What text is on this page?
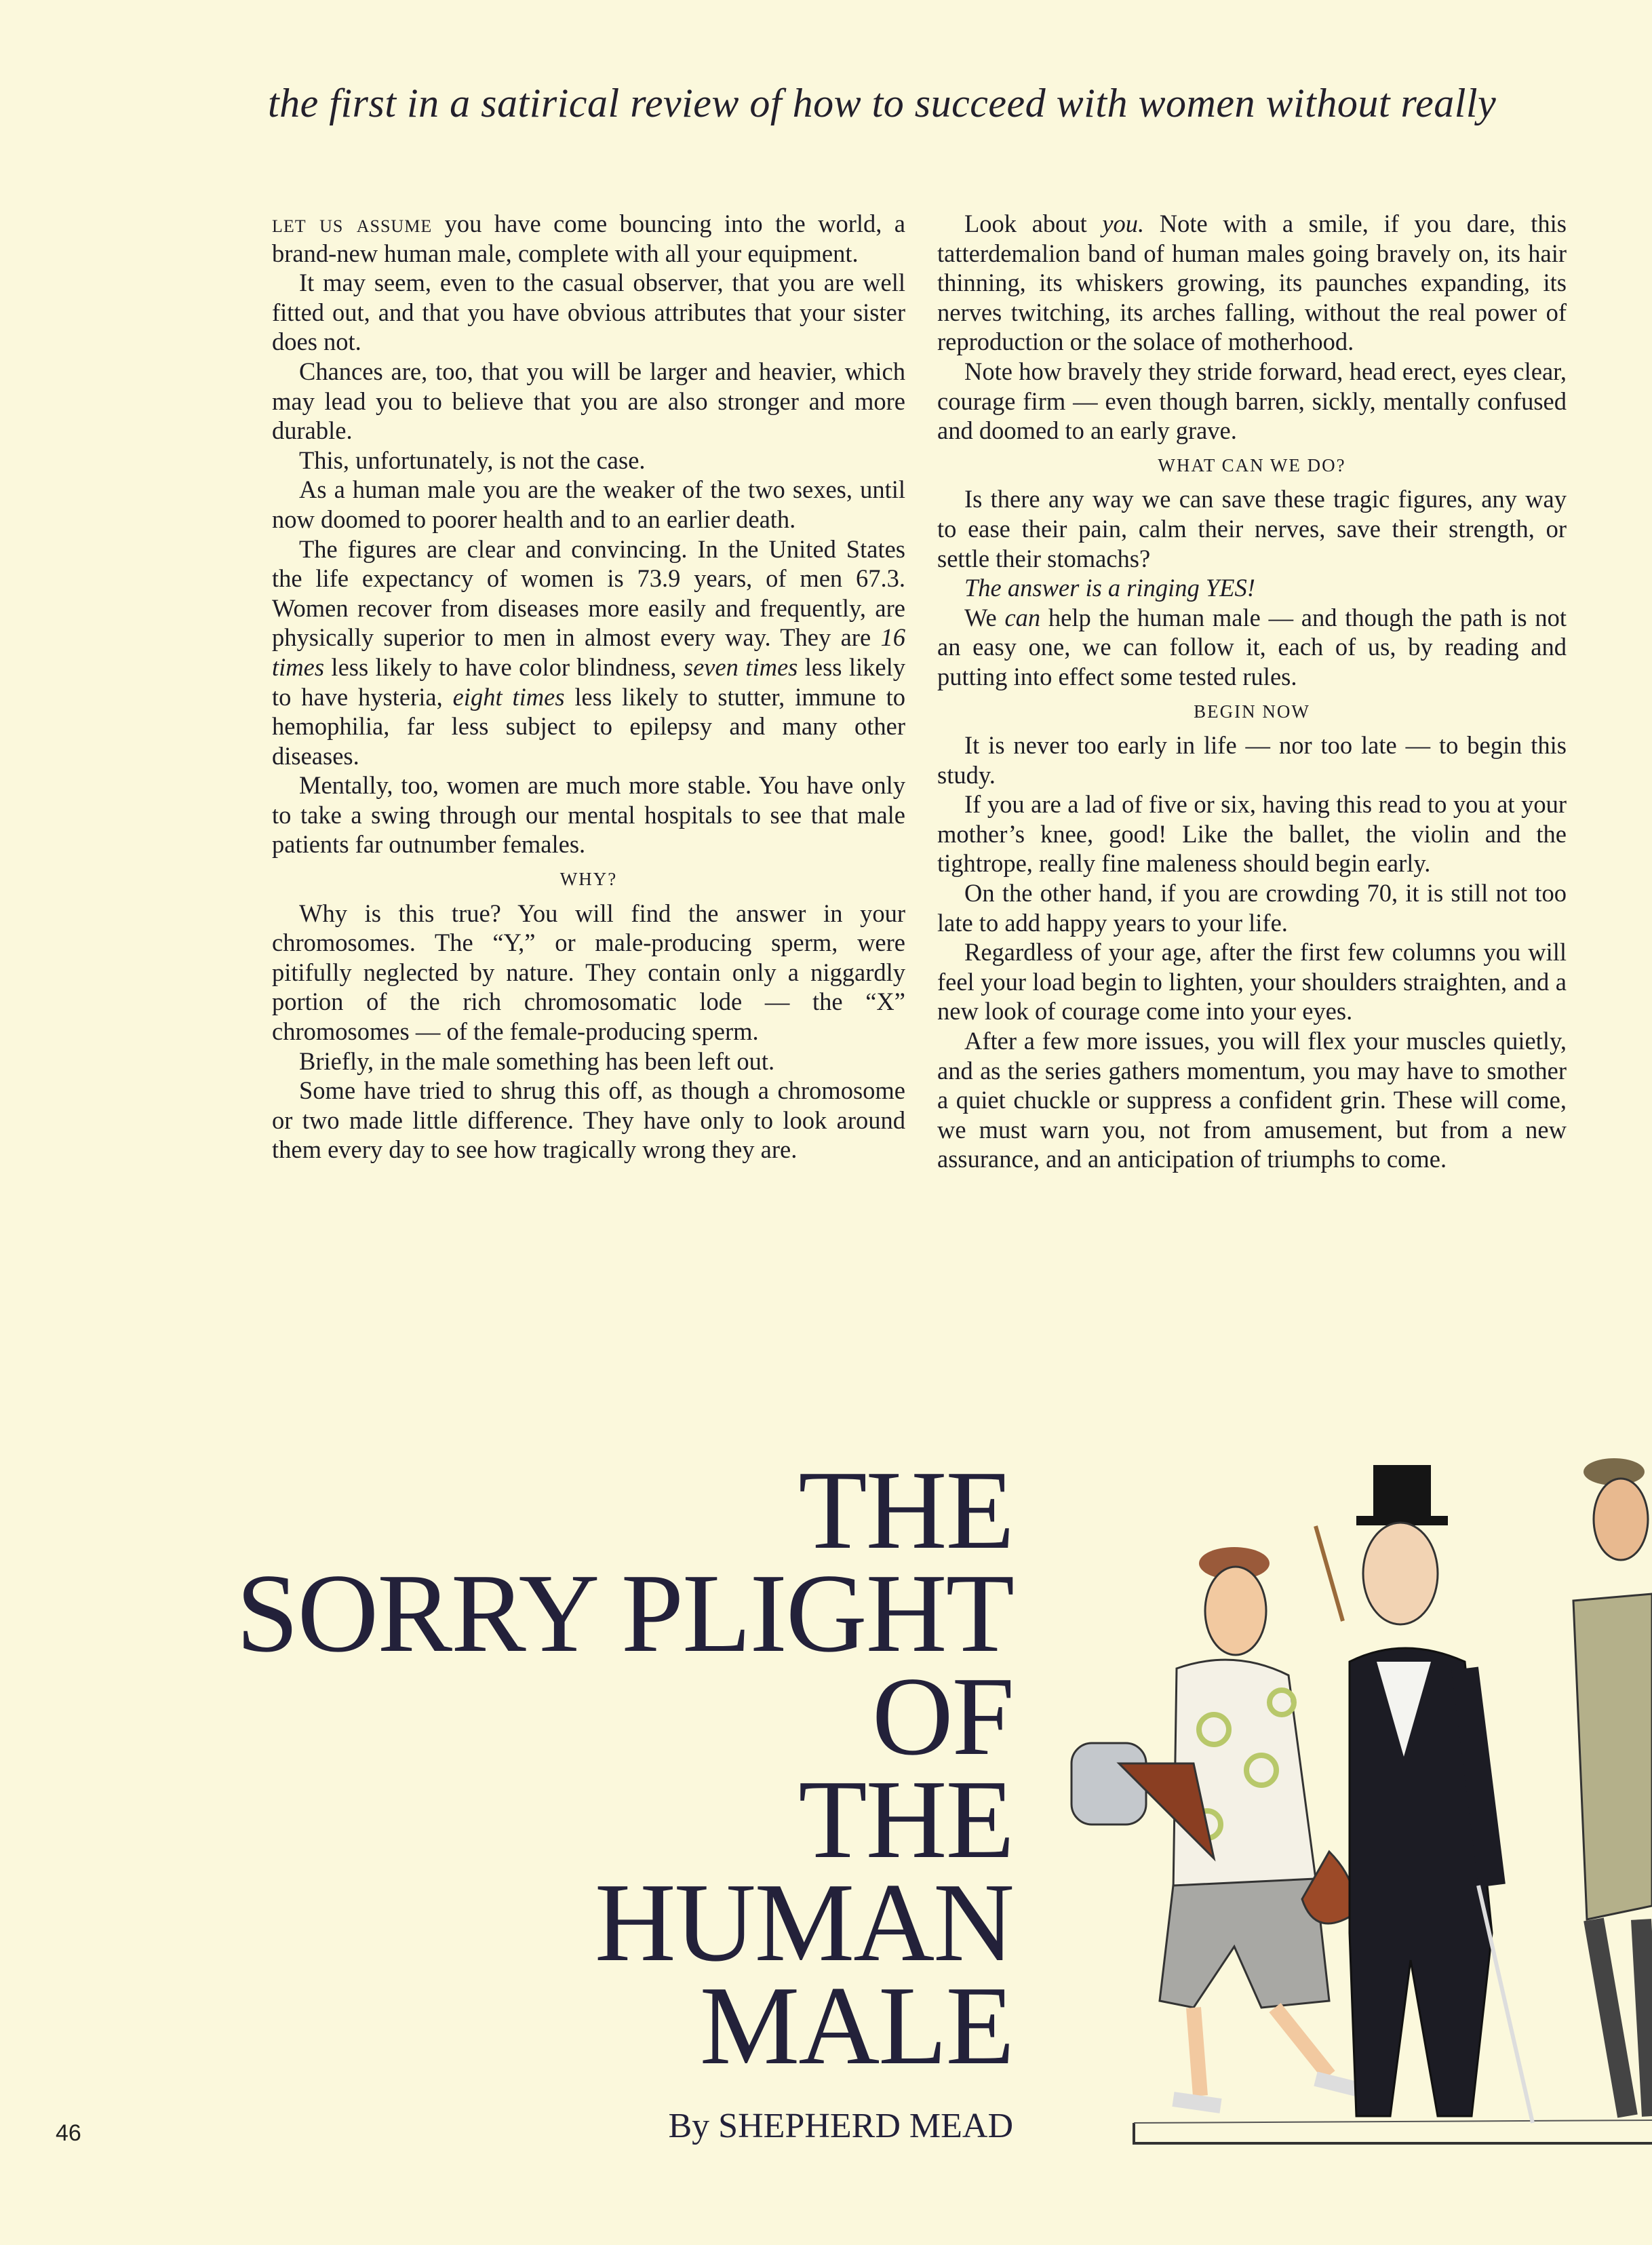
the first in a satirical review of how to succeed with women without really

let us assume you have come bouncing into the world, a brand-new human male, complete with all your equipment.

It may seem, even to the casual observer, that you are well fitted out, and that you have obvious attributes that your sister does not.

Chances are, too, that you will be larger and heavier, which may lead you to believe that you are also stronger and more durable.

This, unfortunately, is not the case.

As a human male you are the weaker of the two sexes, until now doomed to poorer health and to an earlier death.

The figures are clear and convincing. In the United States the life expectancy of women is 73.9 years, of men 67.3. Women recover from diseases more easily and frequently, are physically superior to men in almost every way. They are 16 times less likely to have color blindness, seven times less likely to have hysteria, eight times less likely to stutter, immune to hemophilia, far less subject to epilepsy and many other diseases.

Mentally, too, women are much more stable. You have only to take a swing through our mental hospitals to see that male patients far outnumber females.

WHY?

Why is this true? You will find the answer in your chromosomes. The “Y,” or male-producing sperm, were pitifully neglected by nature. They contain only a niggardly portion of the rich chromosomatic lode — the “X” chromosomes — of the female-producing sperm.

Briefly, in the male something has been left out.

Some have tried to shrug this off, as though a chromosome or two made little difference. They have only to look around them every day to see how tragically wrong they are.

Look about you. Note with a smile, if you dare, this tatterdemalion band of human males going bravely on, its hair thinning, its whiskers growing, its paunches expanding, its nerves twitching, its arches falling, without the real power of reproduction or the solace of motherhood.

Note how bravely they stride forward, head erect, eyes clear, courage firm — even though barren, sickly, mentally confused and doomed to an early grave.

WHAT CAN WE DO?

Is there any way we can save these tragic figures, any way to ease their pain, calm their nerves, save their strength, or settle their stomachs?

The answer is a ringing YES!

We can help the human male — and though the path is not an easy one, we can follow it, each of us, by reading and putting into effect some tested rules.

BEGIN NOW

It is never too early in life — nor too late — to begin this study.

If you are a lad of five or six, having this read to you at your mother’s knee, good! Like the ballet, the violin and the tightrope, really fine maleness should begin early.

On the other hand, if you are crowding 70, it is still not too late to add happy years to your life.

Regardless of your age, after the first few columns you will feel your load begin to lighten, your shoulders straighten, and a new look of courage come into your eyes.

After a few more issues, you will flex your muscles quietly, and as the series gathers momentum, you may have to smother a quiet chuckle or suppress a confident grin. These will come, we must warn you, not from amusement, but from a new assurance, and an anticipation of triumphs to come.

THE
SORRY PLIGHT
OF
THE
HUMAN
MALE
By SHEPHERD MEAD
46
